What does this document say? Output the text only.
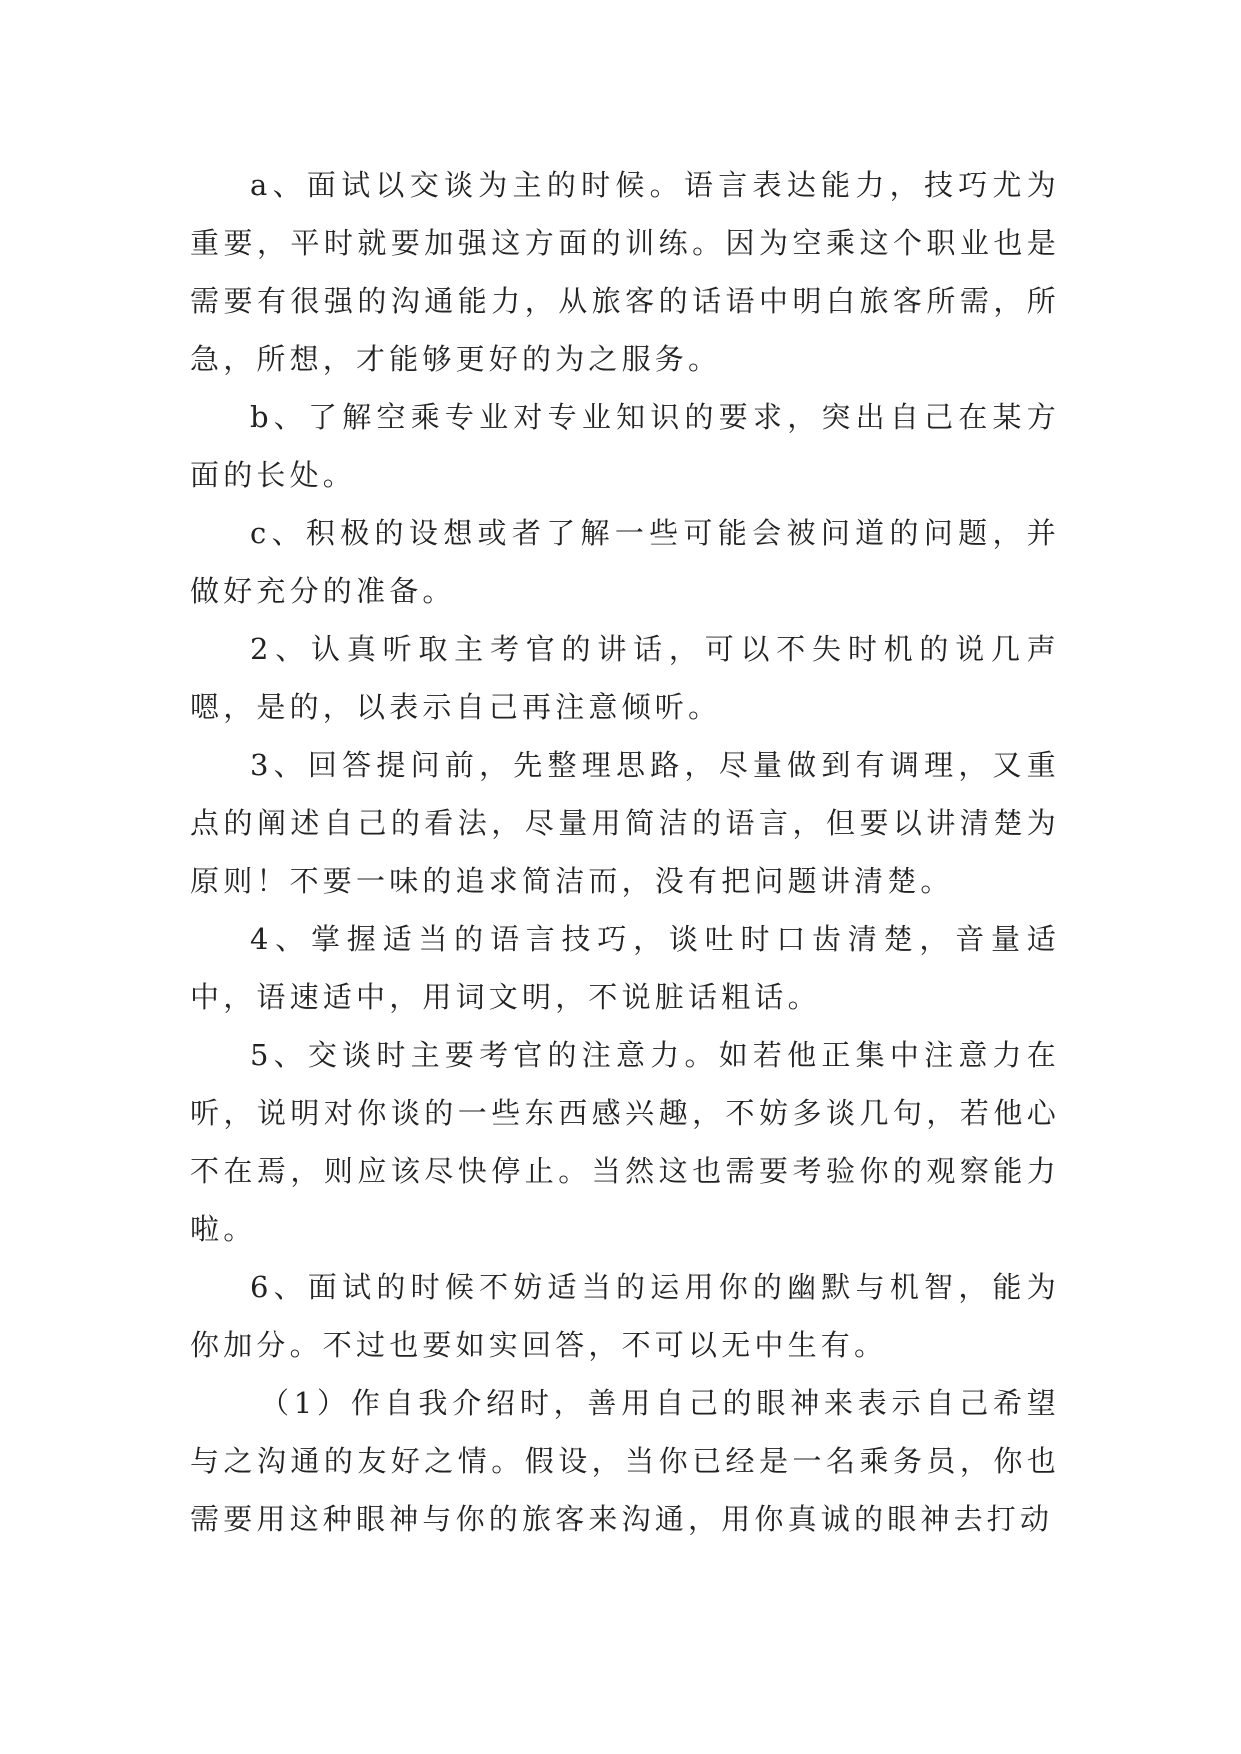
a、面试以交谈为主的时候。语言表达能力，技巧尤为重要，平时就要加强这方面的训练。因为空乘这个职业也是需要有很强的沟通能力，从旅客的话语中明白旅客所需，所急，所想，才能够更好的为之服务。

b、了解空乘专业对专业知识的要求，突出自己在某方面的长处。

c、积极的设想或者了解一些可能会被问道的问题，并做好充分的准备。

2、认真听取主考官的讲话，可以不失时机的说几声嗯，是的，以表示自己再注意倾听。

3、回答提问前，先整理思路，尽量做到有调理，又重点的阐述自己的看法，尽量用简洁的语言，但要以讲清楚为原则！不要一味的追求简洁而，没有把问题讲清楚。

4、掌握适当的语言技巧，谈吐时口齿清楚，音量适中，语速适中，用词文明，不说脏话粗话。

5、交谈时主要考官的注意力。如若他正集中注意力在听，说明对你谈的一些东西感兴趣，不妨多谈几句，若他心不在焉，则应该尽快停止。当然这也需要考验你的观察能力啦。

6、面试的时候不妨适当的运用你的幽默与机智，能为你加分。不过也要如实回答，不可以无中生有。

（1）作自我介绍时，善用自己的眼神来表示自己希望与之沟通的友好之情。假设，当你已经是一名乘务员，你也需要用这种眼神与你的旅客来沟通，用你真诚的眼神去打动
